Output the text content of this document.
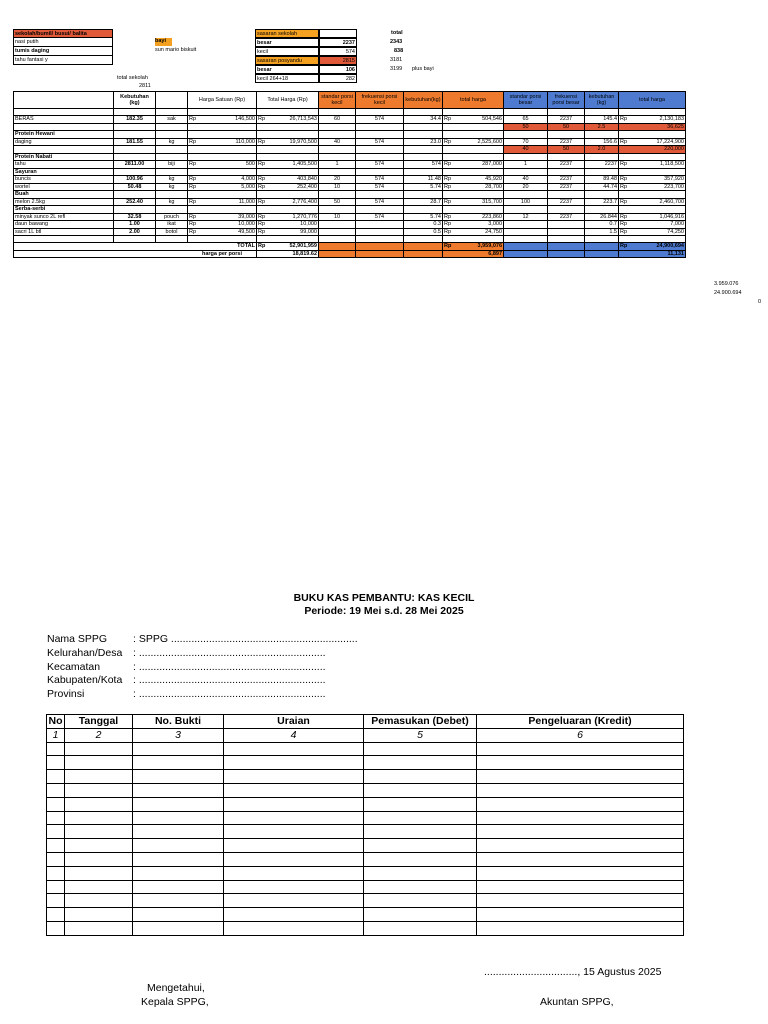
sekolah/bumil/ busui/ balita
nasi putih
tumis daging
tahu fantasi y
bayi
sun mario biskuit
total sekolah
2811
sasaran sekolah
besar	2237
kecil	574
sasaran posyandu	2815
besar	106
kecil 264+18	282
total
2343
838
3181
3199 plus bayi
	Kebutuhan (kg)		Harga Satuan (Rp)	Total Harga (Rp)	standar porsi kecil	frekuensi porsi kecil	kebutuhan(kg)	total harga	standar porsi besar	frekuensi porsi besar	kebutuhan (kg)	total harga

BERAS	182.35	sak	Rp 146,500	Rp 26,713,543	60	574	34.4	Rp 504,546	65	2237	145.4	Rp 2,130,183

									50	50	2.5	36,625
Protein Hewani												
daging	181.55	kg	Rp 110,000	Rp 19,970,500	40	574	23.0	Rp 2,525,600	70	2237	156.6	Rp 17,224,900

									40	50	2.0	220,000
Protein Nabati												
tahu	2811.00	biji	Rp 500	Rp 1,405,500	1	574	574	Rp 287,000	1	2237	2237	Rp 1,118,500

Sayuran												
buncis	100.96	kg	Rp 4,000	Rp 403,840	20	574	11.48	Rp 45,920	40	2237	89.48	Rp 357,920

wortel	50.48	kg	Rp 5,000	Rp 252,400	10	574	5.74	Rp 28,700	20	2237	44.74	Rp 223,700

Buah												
melon 2.5kg	252.40	kg	Rp 11,000	Rp 2,776,400	50	574	28.7	Rp 315,700	100	2237	223.7	Rp 2,460,700

Serba-serbi												
minyak sunco 2L refl	32.58	pouch	Rp 39,000	Rp 1,270,776	10	574	5.74	Rp 223,860	12	2237	26.844	Rp 1,046,916

daun bawang	1.00	ikat	Rp 10,000	Rp 10,000			0.3	Rp 3,000			0.7	Rp 7,000

sacri 1L btl	2.00	botol	Rp 49,500	Rp 99,000			0.5	Rp 24,750			1.5	Rp 74,250

TOTAL				Rp 52,901,959				Rp 3,959,076				Rp 24,900,694

harga per porsi				18,819.62				6,897				11,131
3.959.076
24.900.694
0
BUKU KAS PEMBANTU: KAS KECIL
Periode: 19 Mei s.d. 28 Mei 2025
Nama SPPG : SPPG ................................................................
Kelurahan/Desa : ................................................................
Kecamatan	: ................................................................
Kabupaten/Kota : ................................................................
Provinsi	: ................................................................
No	Tanggal	No. Bukti	Uraian	Pemasukan (Debet)	Pengeluaran (Kredit)
1	2	3	4	5	6

................................, 15 Agustus 2025
Mengetahui,
Kepala SPPG,	Akuntan SPPG,
